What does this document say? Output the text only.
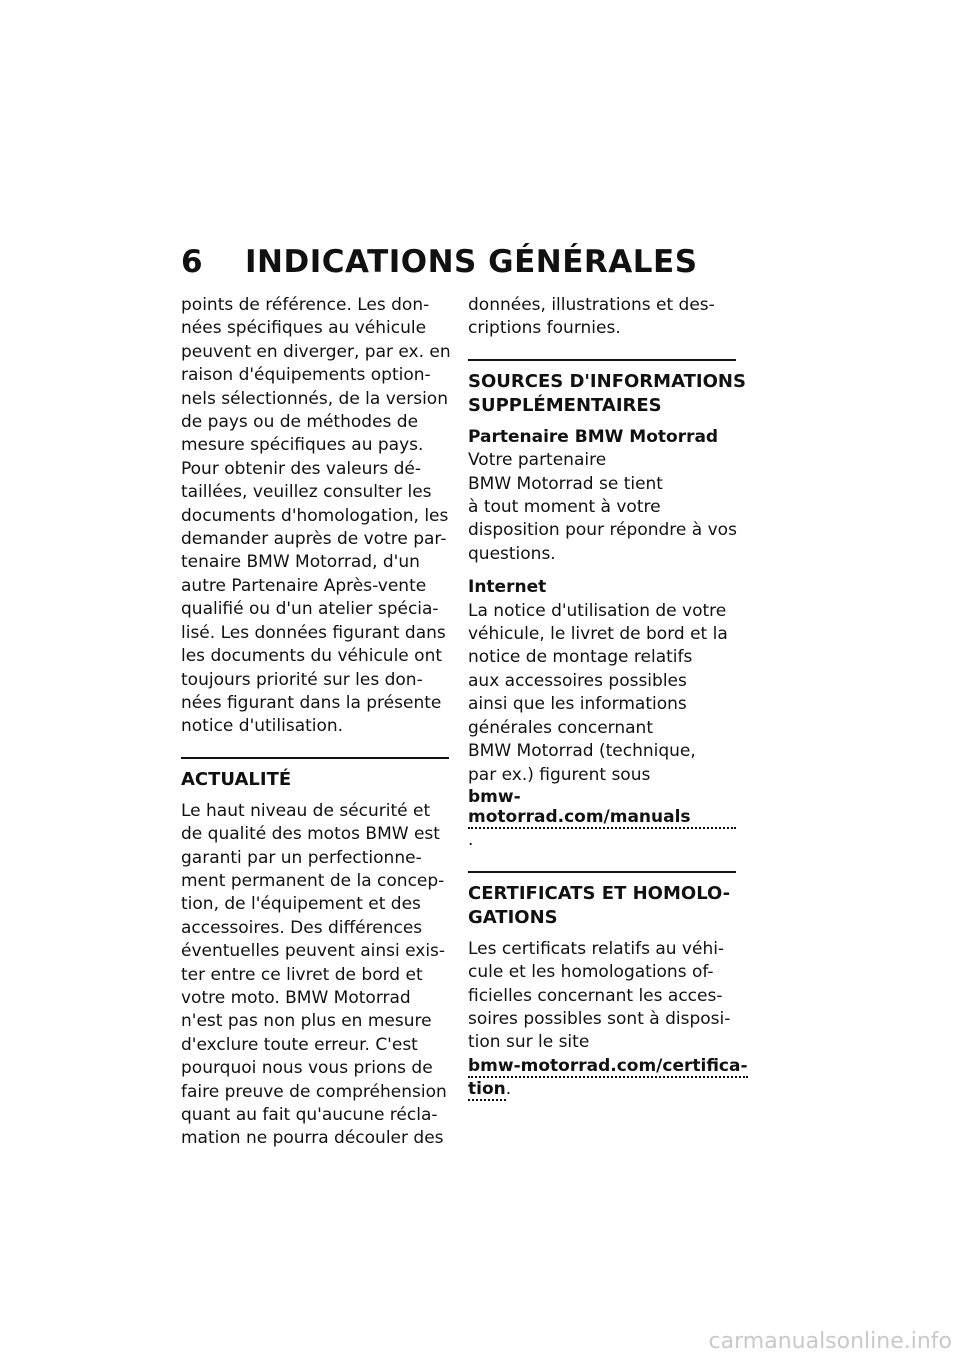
6 INDICATIONS GÉNÉRALES

points de référence. Les don-
nées spécifiques au véhicule
peuvent en diverger, par ex. en
raison d'équipements option-
nels sélectionnés, de la version
de pays ou de méthodes de
mesure spécifiques au pays.
Pour obtenir des valeurs dé-
taillées, veuillez consulter les
documents d'homologation, les
demander auprès de votre par-
tenaire BMW Motorrad, d'un
autre Partenaire Après-vente
qualifié ou d'un atelier spécia-
lisé. Les données figurant dans
les documents du véhicule ont
toujours priorité sur les don-
nées figurant dans la présente
notice d'utilisation.

ACTUALITÉ

Le haut niveau de sécurité et
de qualité des motos BMW est
garanti par un perfectionne-
ment permanent de la concep-
tion, de l'équipement et des
accessoires. Des différences
éventuelles peuvent ainsi exis-
ter entre ce livret de bord et
votre moto. BMW Motorrad
n'est pas non plus en mesure
d'exclure toute erreur. C'est
pourquoi nous vous prions de
faire preuve de compréhension
quant au fait qu'aucune récla-
mation ne pourra découler des

données, illustrations et des-
criptions fournies.

SOURCES D'INFORMATIONS
SUPPLÉMENTAIRES
Partenaire BMW Motorrad

Votre partenaire
BMW Motorrad se tient
à tout moment à votre
disposition pour répondre à vos
questions.

Internet

La notice d'utilisation de votre
véhicule, le livret de bord et la
notice de montage relatifs
aux accessoires possibles
ainsi que les informations
générales concernant
BMW Motorrad (technique,
par ex.) figurent sous

bmw-motorrad.com/manuals.

CERTIFICATS ET HOMOLO-
GATIONS

Les certificats relatifs au véhi-
cule et les homologations of-
ficielles concernant les acces-
soires possibles sont à disposi-
tion sur le site

bmw-motorrad.com/certifica-
tion.

carmanualsonline.info
